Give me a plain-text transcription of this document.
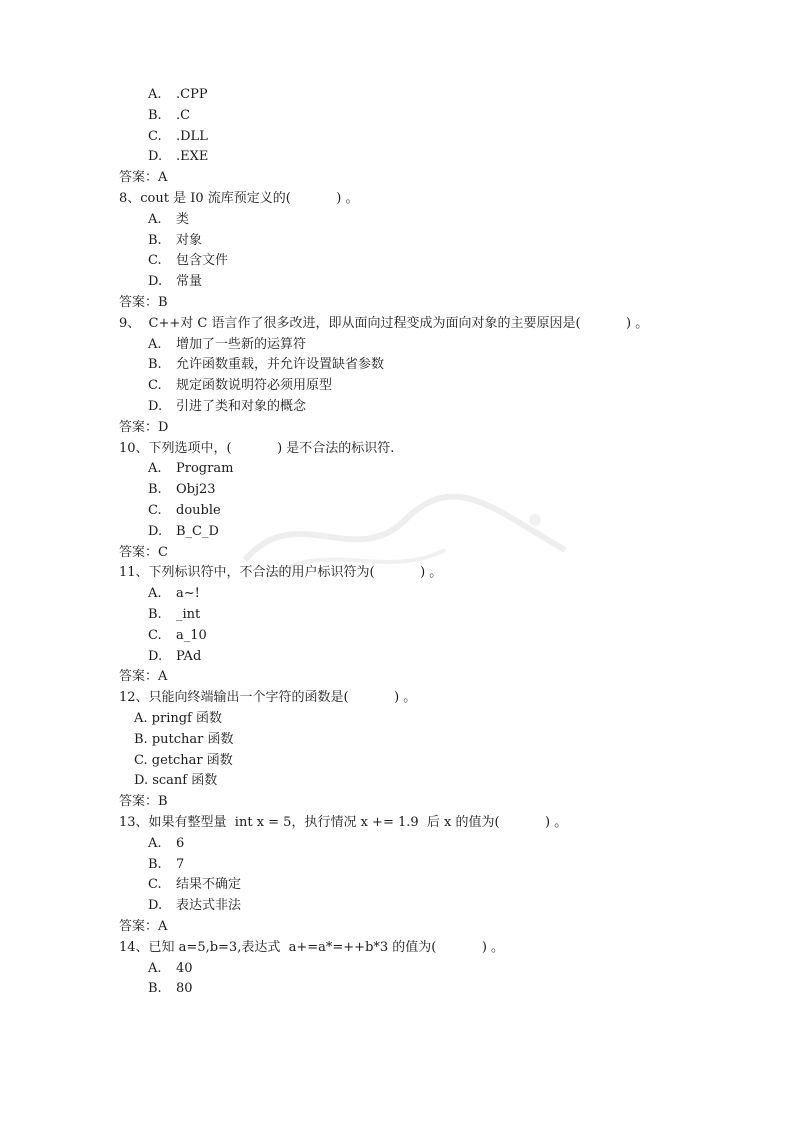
A. .CPP
B. .C
C. .DLL
D. .EXE
答案：A
8、cout 是 I0 流库预定义的(           ) 。
A. 类
B. 对象
C. 包含文件
D. 常量
答案：B
9、  C++对 C 语言作了很多改进，即从面向过程变成为面向对象的主要原因是(           ) 。
A. 增加了一些新的运算符
B. 允许函数重载，并允许设置缺省参数
C. 规定函数说明符必须用原型
D. 引进了类和对象的概念
答案：D
10、下列选项中，(           ) 是不合法的标识符.
A. Program
B. Obj23
C. double
D. B_C_D
答案：C
11、下列标识符中，不合法的用户标识符为(           ) 。
A. a~!
B. _int
C. a_10
D. PAd
答案：A
12、只能向终端输出一个字符的函数是(           ) 。
A. pringf 函数
B. putchar 函数
C. getchar 函数
D. scanf 函数
答案：B
13、如果有整型量  int x = 5，执行情况 x += 1.9  后 x 的值为(           ) 。
A. 6
B. 7
C. 结果不确定
D. 表达式非法
答案：A
14、已知 a=5,b=3,表达式  a+=a*=++b*3 的值为(           ) 。
A. 40
B. 80
